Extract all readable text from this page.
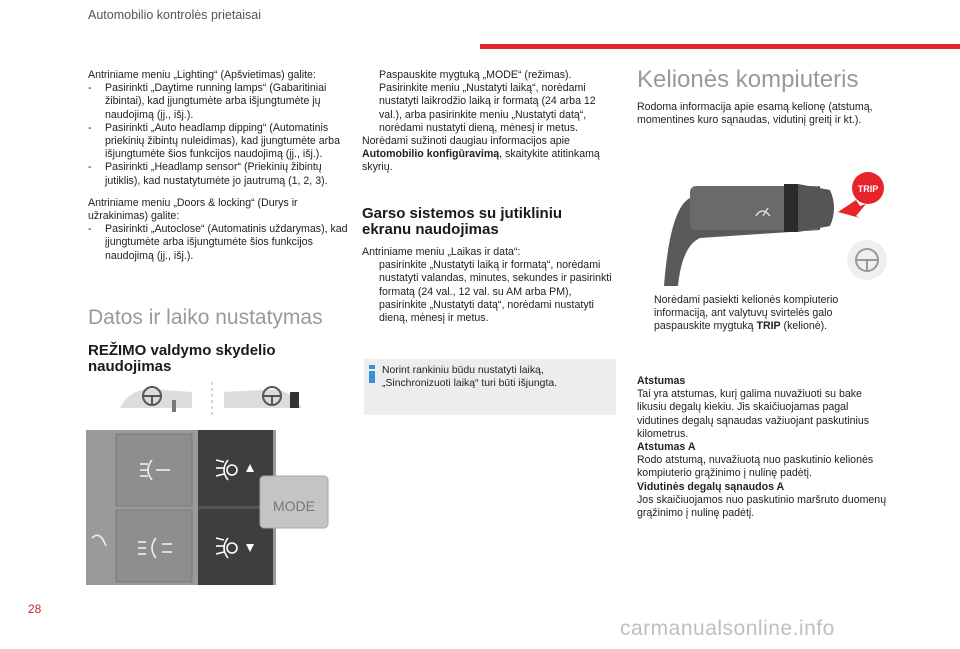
Automobilio kontrolės prietaisai

Antriniame meniu „Lighting“ (Apšvietimas) galite:

- Pasirinkti „Daytime running lamps“ (Gabaritiniai žibintai), kad įjungtumėte arba išjungtumėte jų naudojimą (įj., išj.).
- Pasirinkti „Auto headlamp dipping“ (Automatinis priekinių žibintų nuleidimas), kad įjungtumėte arba išjungtumėte šios funkcijos naudojimą (įj., išj.).
- Pasirinkti „Headlamp sensor“ (Priekinių žibintų jutiklis), kad nustatytumėte jo jautrumą (1, 2, 3).

Antriniame meniu „Doors & locking“ (Durys ir užrakinimas) galite:

- Pasirinkti „Autoclose“ (Automatinis uždarymas), kad įjungtumėte arba išjungtumėte šios funkcijos naudojimą (įj., išj.).
Datos ir laiko nustatymas
REŽIMO valdymo skydelio
naudojimas
MODE
Paspauskite mygtuką „MODE“ (režimas).
Pasirinkite meniu „Nustatyti laiką“, norėdami nustatyti laikrodžio laiką ir formatą (24 arba 12 val.), arba pasirinkite meniu „Nustatyti datą“, norėdami nustatyti dieną, mėnesį ir metus.

Norėdami sužinoti daugiau informacijos apie Automobilio konfigūravimą, skaitykite atitinkamą skyrių.

Garso sistemos su jutikliniu
ekranu naudojimas

Antriniame meniu „Laikas ir data“:

pasirinkite „Nustatyti laiką ir formatą“, norėdami nustatyti valandas, minutes, sekundes ir pasirinkti formatą (24 val., 12 val. su AM arba PM),
pasirinkite „Nustatyti datą“, norėdami nustatyti dieną, mėnesį ir metus.
Norint rankiniu būdu nustatyti laiką, „Sinchronizuoti laiką“ turi būti išjungta.
Kelionės kompiuteris
Rodoma informacija apie esamą kelionę (atstumą, momentines kuro sąnaudas, vidutinį greitį ir kt.).
TRIP
Norėdami pasiekti kelionės kompiuterio informaciją, ant valytuvų svirtelės galo paspauskite mygtuką TRIP (kelionė).
Atstumas
Tai yra atstumas, kurį galima nuvažiuoti su bake likusiu degalų kiekiu. Jis skaičiuojamas pagal vidutines degalų sąnaudas važiuojant paskutinius kilometrus.
Atstumas A
Rodo atstumą, nuvažiuotą nuo paskutinio kelionės kompiuterio grąžinimo į nulinę padėtį.
Vidutinės degalų sąnaudos A
Jos skaičiuojamos nuo paskutinio maršruto duomenų grąžinimo į nulinę padėtį.
28
carmanualsonline.info
